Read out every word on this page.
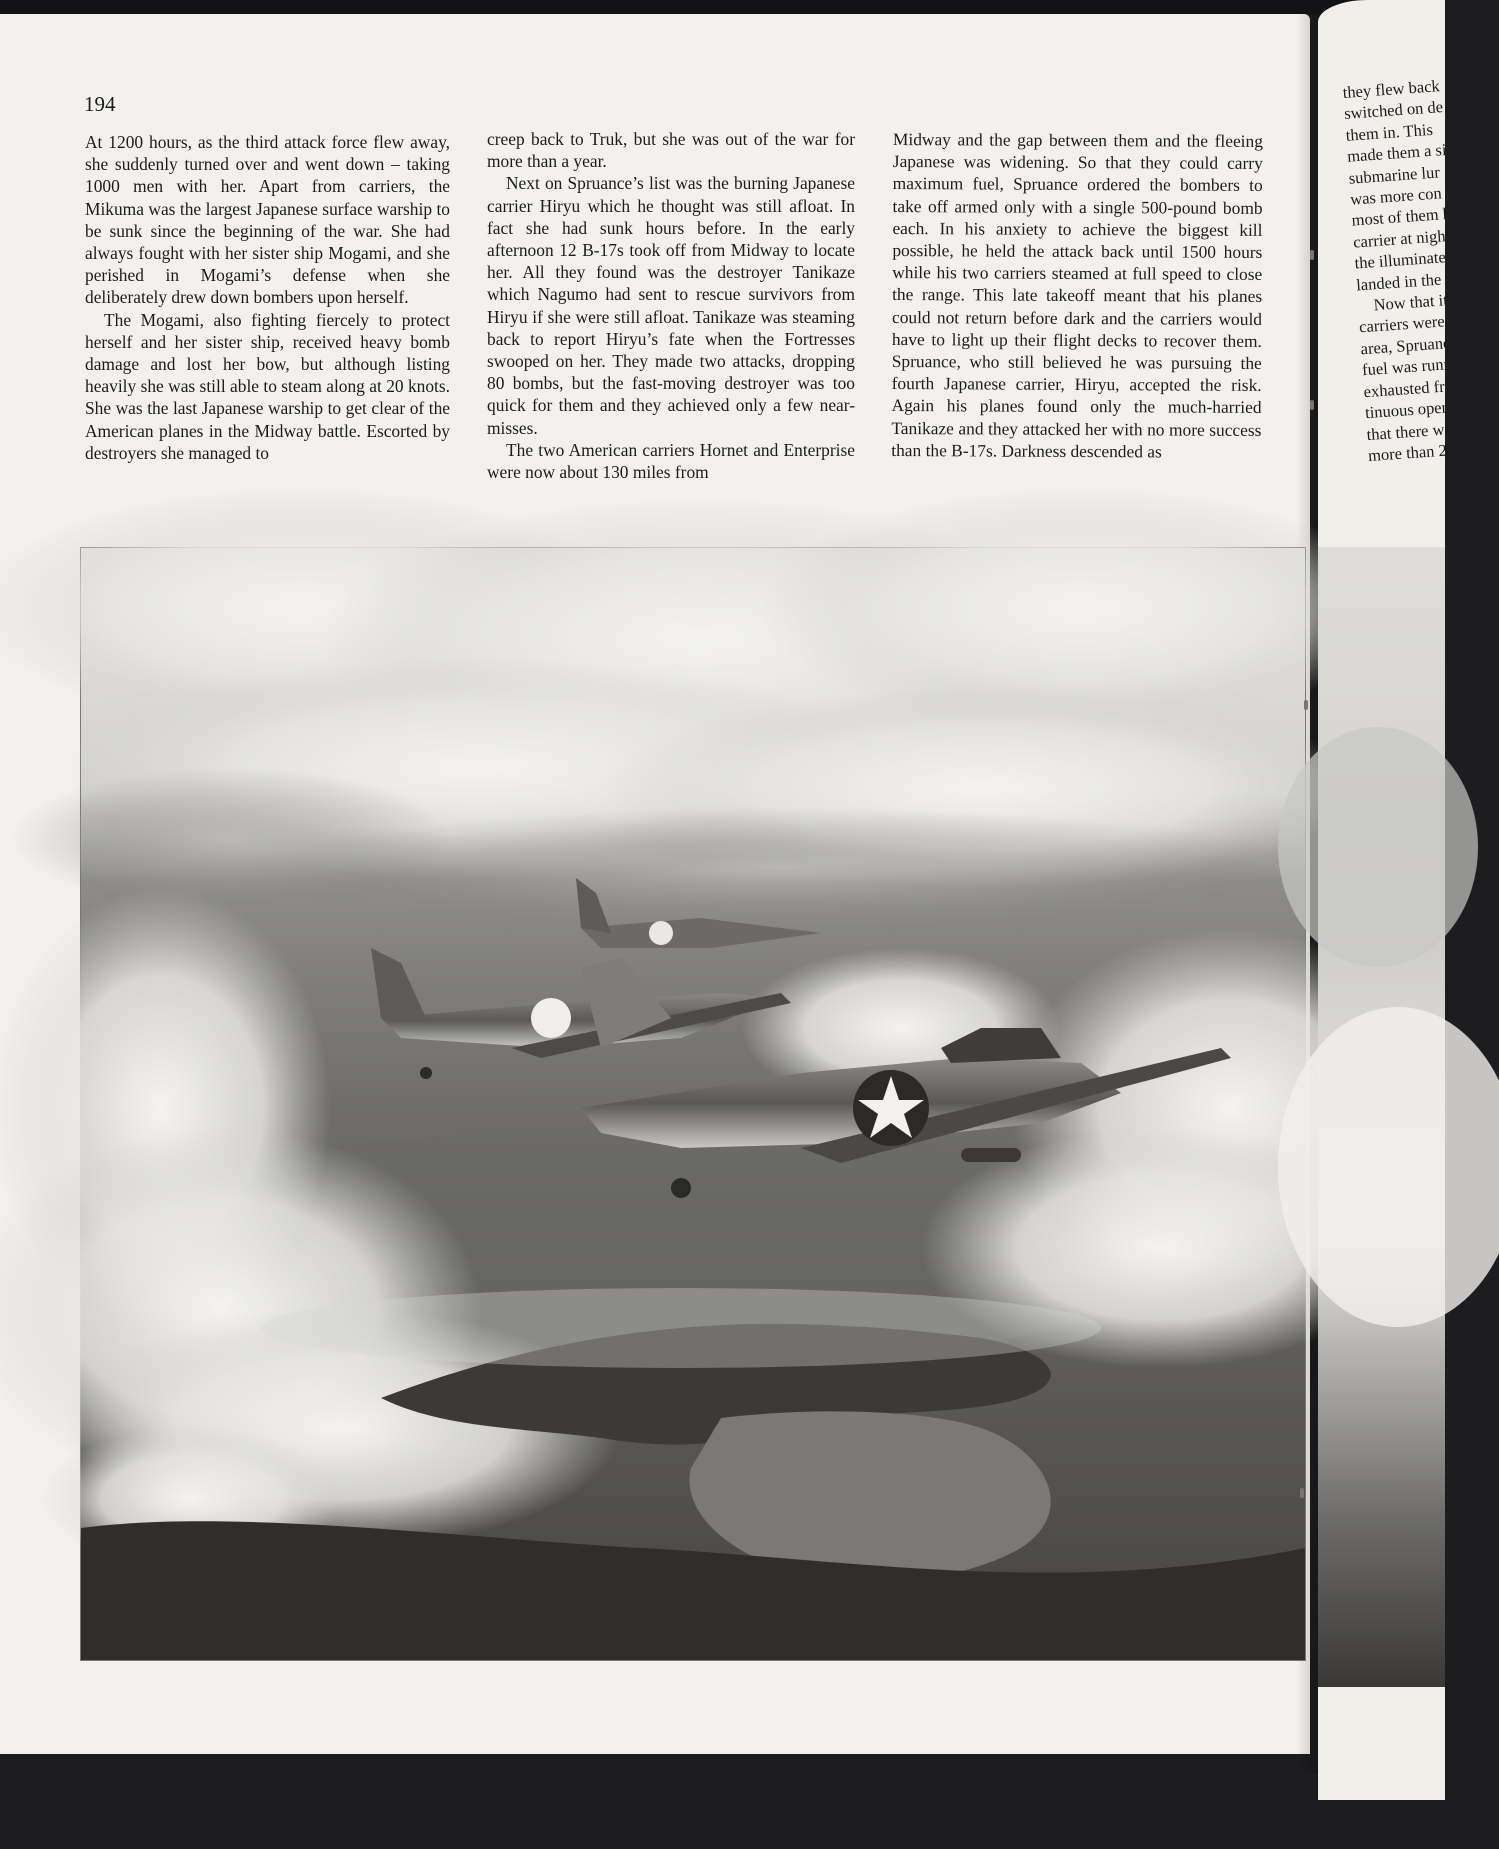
194

At 1200 hours, as the third attack force flew away, she suddenly turned over and went down – taking 1000 men with her. Apart from carriers, the Mikuma was the largest Japanese surface warship to be sunk since the beginning of the war. She had always fought with her sister ship Mogami, and she perished in Mogami’s defense when she deliberately drew down bombers upon herself.

The Mogami, also fighting fiercely to protect herself and her sister ship, received heavy bomb damage and lost her bow, but although listing heavily she was still able to steam along at 20 knots. She was the last Japanese warship to get clear of the American planes in the Midway battle. Escorted by destroyers she managed to

creep back to Truk, but she was out of the war for more than a year.

Next on Spruance’s list was the burning Japanese carrier Hiryu which he thought was still afloat. In fact she had sunk hours before. In the early afternoon 12 B-17s took off from Midway to locate her. All they found was the destroyer Tanikaze which Nagumo had sent to rescue survivors from Hiryu if she were still afloat. Tanikaze was steaming back to report Hiryu’s fate when the Fortresses swooped on her. They made two attacks, dropping 80 bombs, but the fast-moving destroyer was too quick for them and they achieved only a few near-misses.

The two American carriers Hornet and Enterprise were now about 130 miles from

Midway and the gap between them and the fleeing Japanese was widening. So that they could carry maximum fuel, Spruance ordered the bombers to take off armed only with a single 500-pound bomb each. In his anxiety to achieve the biggest kill possible, he held the attack back until 1500 hours while his two carriers steamed at full speed to close the range. This late takeoff meant that his planes could not return before dark and the carriers would have to light up their flight decks to recover them. Spruance, who still believed he was pursuing the fourth Japanese carrier, Hiryu, accepted the risk. Again his planes found only the much-harried Tanikaze and they attacked her with no more success than the B-17s. Darkness descended as

they flew back
switched on de
them in. This
made them a si
submarine lur
was more con
most of them h
carrier at night
the illuminate
landed in the s
Now that it
carriers were a
area, Spruance
fuel was runni
exhausted from
tinuous operati
that there were
more than 250
